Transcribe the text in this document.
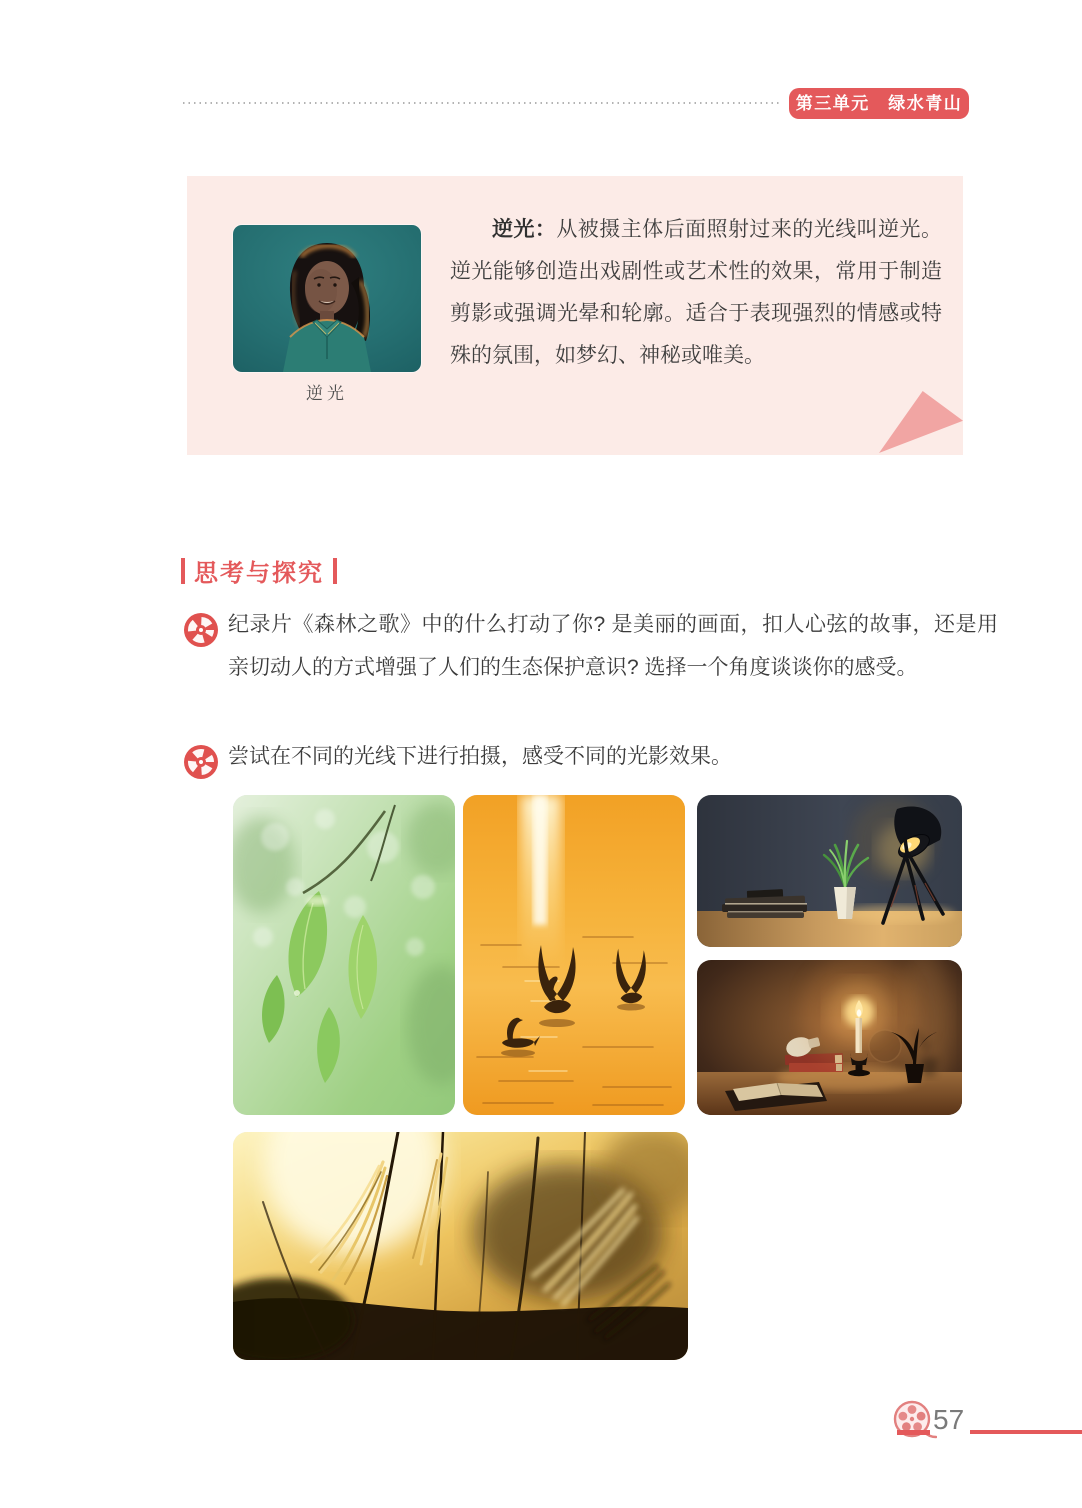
第三单元　绿水青山
逆光

逆光：从被摄主体后面照射过来的光线叫逆光。逆光能够创造出戏剧性或艺术性的效果，常用于制造剪影或强调光晕和轮廓。适合于表现强烈的情感或特殊的氛围，如梦幻、神秘或唯美。

思考与探究

纪录片《森林之歌》中的什么打动了你? 是美丽的画面，扣人心弦的故事，还是用亲切动人的方式增强了人们的生态保护意识? 选择一个角度谈谈你的感受。

尝试在不同的光线下进行拍摄，感受不同的光影效果。

57
